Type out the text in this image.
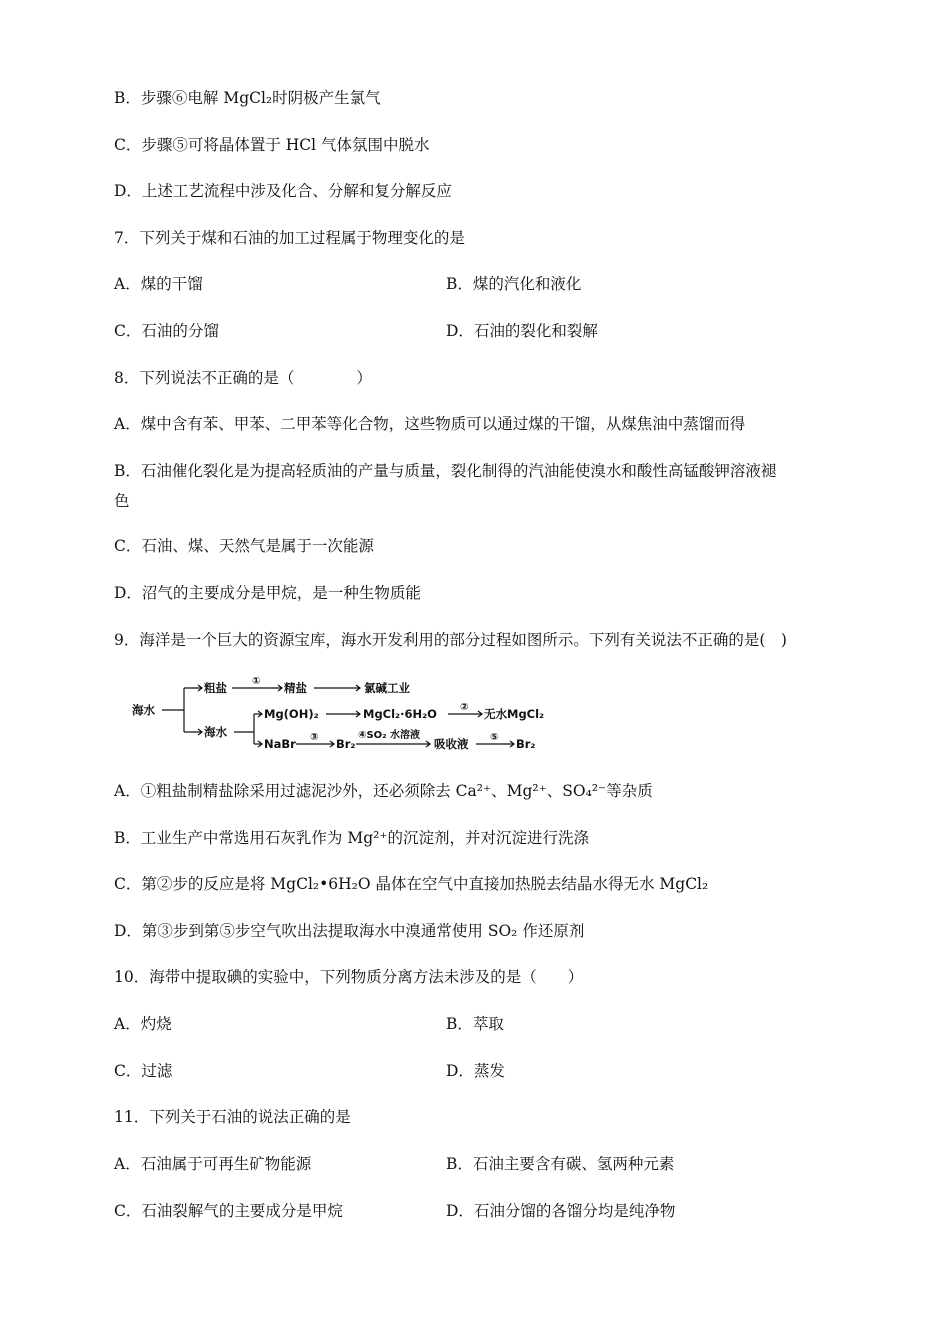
B．步骤⑥电解 MgCl₂时阴极产生氯气
C．步骤⑤可将晶体置于 HCl 气体氛围中脱水
D．上述工艺流程中涉及化合、分解和复分解反应
7．下列关于煤和石油的加工过程属于物理变化的是
A．煤的干馏	B．煤的汽化和液化
C．石油的分馏	D．石油的裂化和裂解
8．下列说法不正确的是（　　　　）
A．煤中含有苯、甲苯、二甲苯等化合物，这些物质可以通过煤的干馏，从煤焦油中蒸馏而得
B．石油催化裂化是为提高轻质油的产量与质量，裂化制得的汽油能使溴水和酸性高锰酸钾溶液褪
色
C．石油、煤、天然气是属于一次能源
D．沼气的主要成分是甲烷，是一种生物质能
9．海洋是一个巨大的资源宝库，海水开发利用的部分过程如图所示。下列有关说法不正确的是(　)
海水
粗盐	① 精盐	氯碱工业
海水
Mg(OH)₂	MgCl₂·6H₂O ② 无水MgCl₂
NaBr ③ Br₂
④SO₂ 水溶液
吸收液 ⑤ Br₂
A．①粗盐制精盐除采用过滤泥沙外，还必须除去 Ca²⁺、Mg²⁺、SO₄²⁻等杂质
B．工业生产中常选用石灰乳作为 Mg²⁺的沉淀剂，并对沉淀进行洗涤
C．第②步的反应是将 MgCl₂•6H₂O 晶体在空气中直接加热脱去结晶水得无水 MgCl₂
D．第③步到第⑤步空气吹出法提取海水中溴通常使用 SO₂ 作还原剂
10．海带中提取碘的实验中，下列物质分离方法未涉及的是（　　）
A．灼烧	B．萃取
C．过滤	D．蒸发
11．下列关于石油的说法正确的是
A．石油属于可再生矿物能源	B．石油主要含有碳、氢两种元素
C．石油裂解气的主要成分是甲烷	D．石油分馏的各馏分均是纯净物
